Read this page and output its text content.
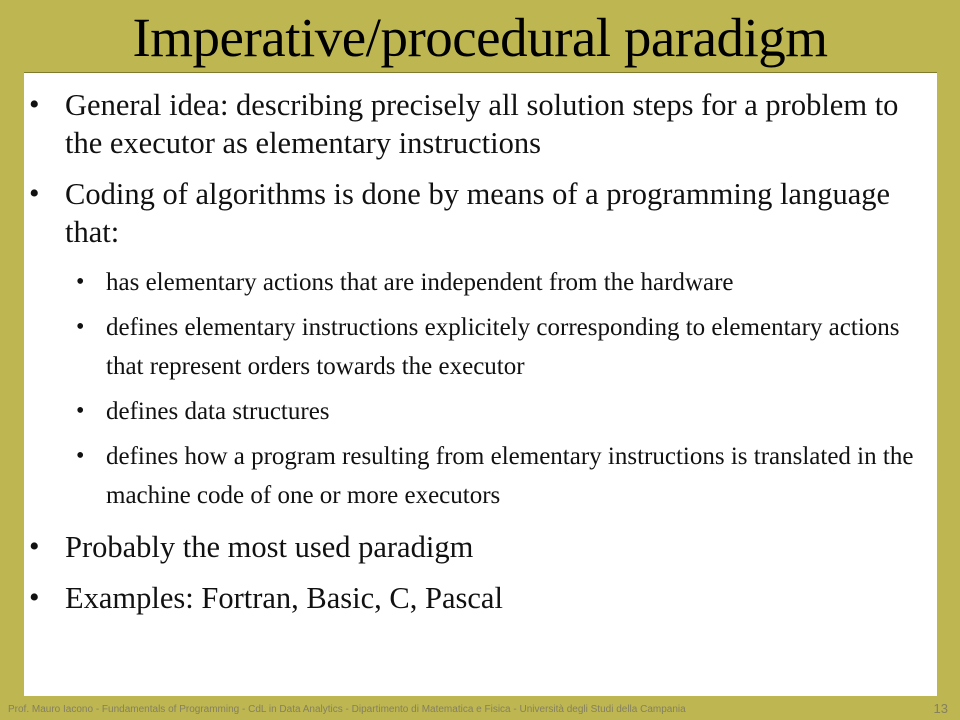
Imperative/procedural paradigm
• General idea: describing precisely all solution steps for a problem to the executor as elementary instructions
• Coding of algorithms is done by means of a programming language that:
• has elementary actions that are independent from the hardware
• defines elementary instructions explicitely corresponding to elementary actions that represent orders towards the executor
• defines data structures
• defines how a program resulting from elementary instructions is translated in the machine code of one or more executors
• Probably the most used paradigm
• Examples: Fortran, Basic, C, Pascal
Prof. Mauro Iacono - Fundamentals of Programming - CdL in Data Analytics - Dipartimento di Matematica e Fisica - Università degli Studi della Campania	13
